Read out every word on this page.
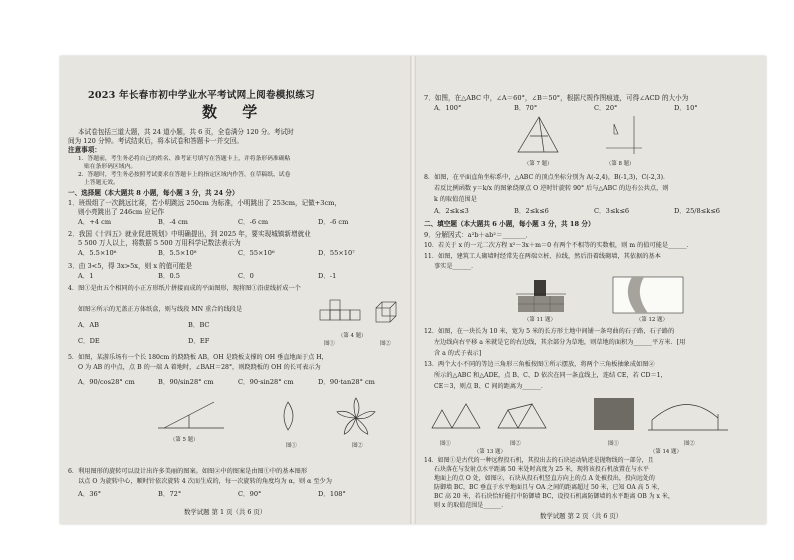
2023 年长春市初中学业水平考试网上阅卷模拟练习
数 学
本试卷包括三道大题，共 24 道小题，共 6 页，全卷满分 120 分。考试时
间为 120 分钟。考试结束后，将本试卷和答题卡一并交回。
注意事项：
1．答题前，考生务必将自己的姓名、准考证号填写在答题卡上，并将条形码准确粘
贴在条形码区域内。
2．答题时，考生务必按照考试要求在答题卡上的指定区域内作答，在草稿纸、试卷
上答题无效。
一、选择题（本大题共 8 小题，每小题 3 分，共 24 分）
1．班级组了一次跳远比赛，若小明跳远 250cm 为标准，小明跳出了 253cm，记做+3cm，
则小亮跳出了 246cm 应记作
A．+4 cm	B．-4 cm	C．-6 cm	D．-6 cm
2．我国《十四五》就业促进规划》中明确提出，到 2025 年，要实现城镇新增就业
5 500 万人以上，将数据 5 500 万用科学记数法表示为
A．5.5×10⁶	B．5.5×10⁸	C．55×10⁶	D．55×10⁷
3．由 3<5，得 3x>5x，则 x 的值可能是
A．1	B．0.5	C．0	D．-1
4．图①是由五个相同的小正方形纸片拼接而成的平面图形，现将图①沿虚线折成一个
如图②所示的无盖正方体纸盒，则与线段 MN 重合的线段是
A．AB	B．BC
C．DE	D．EF	图①
（第 4 题）
图②
5．如图，某游乐场有一个长 180cm 的跷跷板 AB，OH 是跷板支撑的 OH 垂直地面于点 H，
O 为 AB 的中点，点 B 的一端 A 着地时，∠BAH＝28°，则跷跷板的 OH 的长可表示为
A．90/cos28° cm	B．90/sin28° cm	C．90·sin28° cm	D．90·tan28° cm
（第 5 题）
图①	图②
6．利用图形的旋转可以设计出许多美丽的图案。如图②中的图案是由图①中的基本图形
以点 O 为旋转中心，顺时针依次旋转 4 次而生成的，每一次旋转的角度均为 α，则 α 至少为
A．36°	B．72°	C．90°	D．108°
数学试题 第 1 页（共 6 页）
7．如图，在△ABC 中，∠A＝60°，∠B＝50°，根据尺规作图痕迹，可得∠ACD 的大小为
A．100°	B．70°	C．20°	D．10°
（第 7 题）	（第 8 题）
8．如图，在平面直角坐标系中，△ABC 的顶点坐标分别为 A(-2,4)，B(-1,3)，C(-2,3)．
若反比例函数 y＝k/x 的图象绕原点 O 逆时针旋转 90° 后与△ABC 的边有公共点，则
k 的取值范围是
A．2≤k≤3	B．2≤k≤6	C．3≤k≤6	D．25/8≤k≤6
二、填空题（本大题共 6 小题，每小题 3 分，共 18 分）
9．分解因式：a²b＋ab²＝_______．
10．若关于 x 的一元二次方程 x²－3x＋m＝0 有两个不相等的实数根，则 m 的值可能是______．
11．如图，建筑工人砌墙时经常先在两端立桩、拉线，然后沿着线砌墙，其依据的基本
事实是______．
（第 11 题）	（第 12 题）
12．如图，在一块长为 10 米，宽为 5 米的长方形土地中间铺一条弯曲的石子路，石子路的
左边线向右平移 a 米就是它的右边线，其余部分为草地，则草地的面积为______平方米．[用
含 a 的式子表示]
13．两个大小不同的等边三角形三角板按图①所示摆放，将两个三角板抽象成如图②
所示的△ABC 和△ADE，点 B、C、D 依次在同一条直线上，连结 CE，若 CD＝1，
CE＝3，则点 B、C 间的距离为______．
图①	图②
（第 13 题）
图①	图②
（第 14 题）
14．如图①是古代的一种远程投石机，其投出去的石块运动轨迹是抛物线的一部分，且
石块落在与发射点水平距离 50 米处时高度为 25 米，现将该投石机放置在与水平
地面上的点 O 处，如图②，石块从投石机竖直方向上的点 A 处被投出，投向远处的
防御墙 BC，BC 垂直于水平地面且与 OA 之间的距离超过 50 米，已知 OA 高 5 米，
BC 高 20 米，若石块恰好能打中防御墙 BC，设投石机离防御墙的水平距离 OB 为 x 米，
则 x 的取值范围是______．
数学试题 第 2 页（共 6 页）
